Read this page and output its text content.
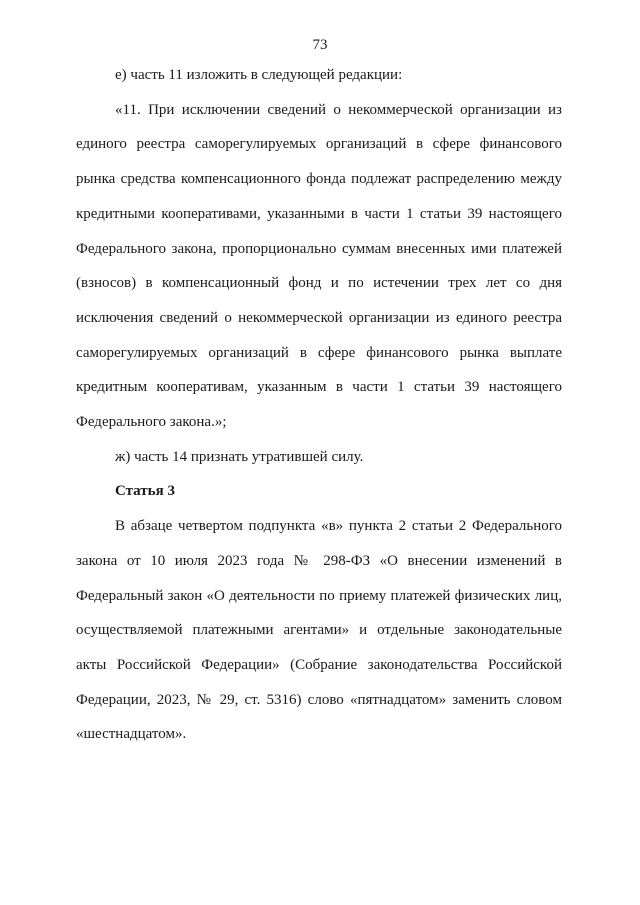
73

е) часть 11 изложить в следующей редакции:

«11. При исключении сведений о некоммерческой организации из
единого реестра саморегулируемых организаций в сфере финансового
рынка средства компенсационного фонда подлежат распределению между
кредитными кооперативами, указанными в части 1 статьи 39 настоящего
Федерального закона, пропорционально суммам внесенных ими платежей
(взносов) в компенсационный фонд и по истечении трех лет со дня
исключения сведений о некоммерческой организации из единого реестра
саморегулируемых организаций в сфере финансового рынка выплате
кредитным кооперативам, указанным в части 1 статьи 39 настоящего
Федерального закона.»;

ж) часть 14 признать утратившей силу.

Статья 3

В абзаце четвертом подпункта «в» пункта 2 статьи 2 Федерального
закона от 10 июля 2023 года № 298-ФЗ «О внесении изменений в
Федеральный закон «О деятельности по приему платежей физических лиц,
осуществляемой платежными агентами» и отдельные законодательные
акты Российской Федерации» (Собрание законодательства Российской
Федерации, 2023, № 29, ст. 5316) слово «пятнадцатом» заменить словом
«шестнадцатом».
